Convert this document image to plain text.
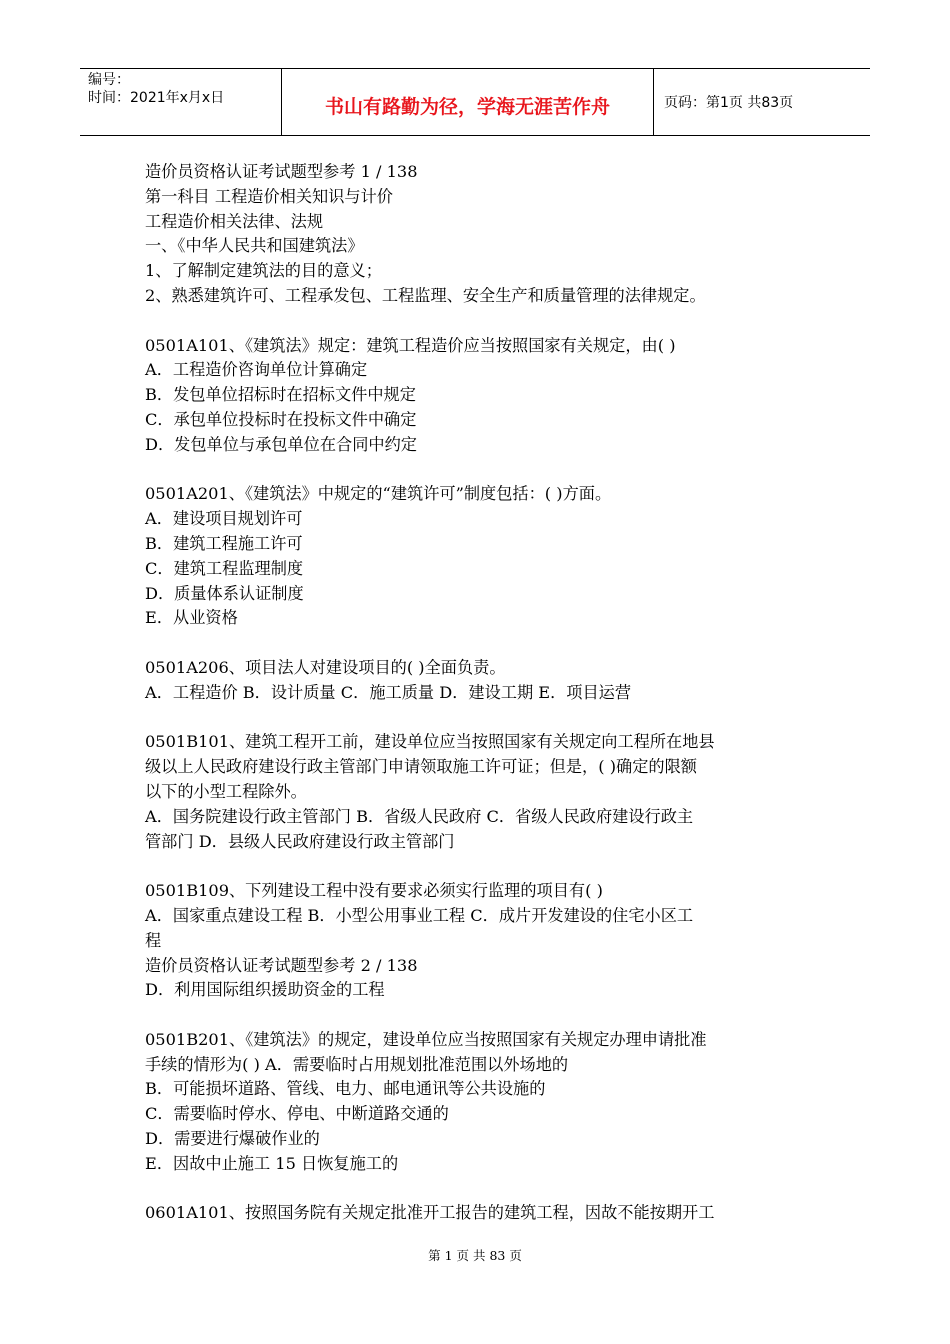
编号：
时间：2021年x月x日	书山有路勤为径，学海无涯苦作舟	页码：第1页 共83页
造价员资格认证考试题型参考 1 / 138
第一科目 工程造价相关知识与计价
工程造价相关法律、法规
一、《中华人民共和国建筑法》
1、了解制定建筑法的目的意义；
2、熟悉建筑许可、工程承发包、工程监理、安全生产和质量管理的法律规定。
0501A101、《建筑法》规定：建筑工程造价应当按照国家有关规定，由( )
A．工程造价咨询单位计算确定
B．发包单位招标时在招标文件中规定
C．承包单位投标时在投标文件中确定
D．发包单位与承包单位在合同中约定
0501A201、《建筑法》中规定的“建筑许可”制度包括：( )方面。
A．建设项目规划许可
B．建筑工程施工许可
C．建筑工程监理制度
D．质量体系认证制度
E．从业资格
0501A206、项目法人对建设项目的( )全面负责。
A．工程造价 B．设计质量 C．施工质量 D．建设工期 E．项目运营
0501B101、建筑工程开工前，建设单位应当按照国家有关规定向工程所在地县
级以上人民政府建设行政主管部门申请领取施工许可证；但是，( )确定的限额
以下的小型工程除外。
A．国务院建设行政主管部门 B．省级人民政府 C．省级人民政府建设行政主
管部门 D．县级人民政府建设行政主管部门
0501B109、下列建设工程中没有要求必须实行监理的项目有( )
A．国家重点建设工程 B．小型公用事业工程 C．成片开发建设的住宅小区工
程
造价员资格认证考试题型参考 2 / 138
D．利用国际组织援助资金的工程
0501B201、《建筑法》的规定，建设单位应当按照国家有关规定办理申请批准
手续的情形为( ) A．需要临时占用规划批准范围以外场地的
B．可能损坏道路、管线、电力、邮电通讯等公共设施的
C．需要临时停水、停电、中断道路交通的
D．需要进行爆破作业的
E．因故中止施工 15 日恢复施工的
0601A101、按照国务院有关规定批准开工报告的建筑工程，因故不能按期开工
第 1 页 共 83 页
